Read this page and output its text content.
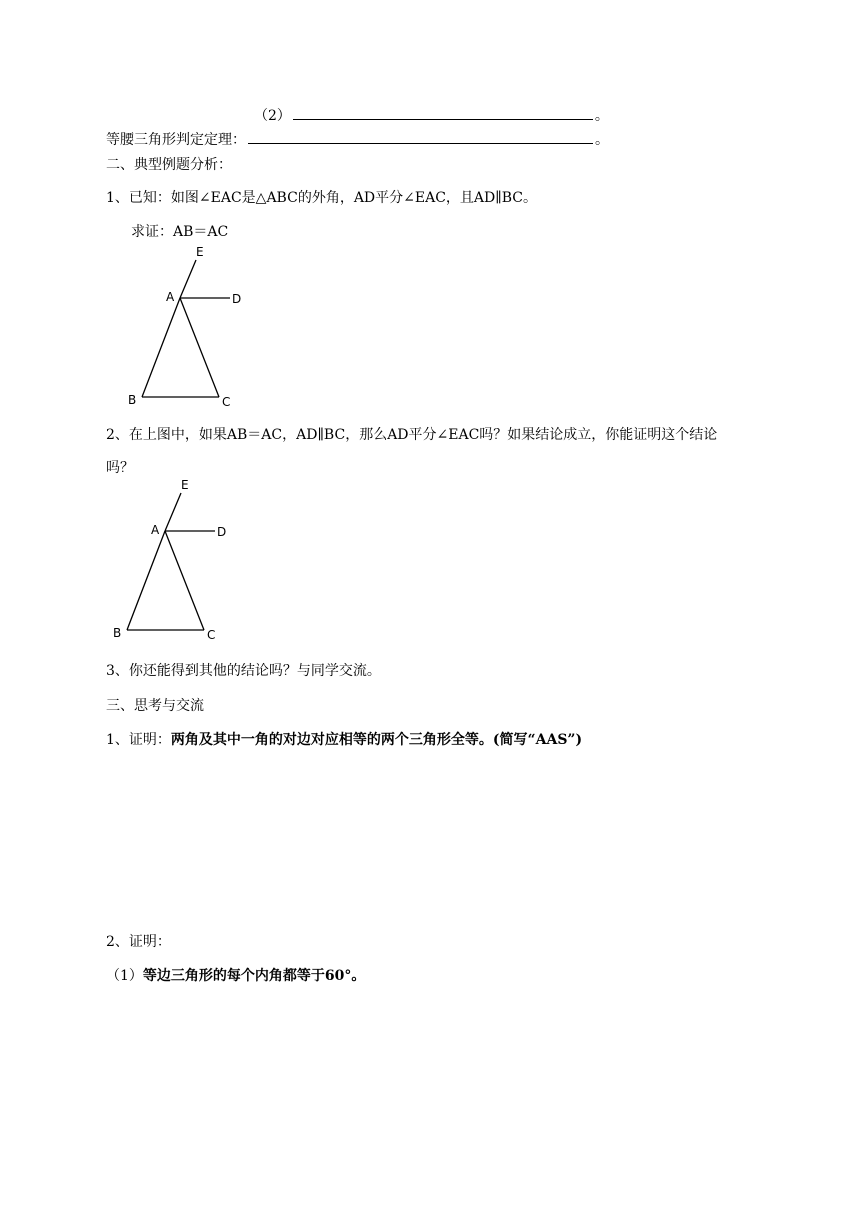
（2）	。
等腰三角形判定定理：	。
二、典型例题分析：
1、已知：如图∠EAC是△ABC的外角，AD平分∠EAC，且AD∥BC。
求证：AB＝AC
E
A	D
B	C
2、在上图中，如果AB＝AC，AD∥BC，那么AD平分∠EAC吗？如果结论成立，你能证明这个结论
吗？
E
A	D
B	C
3、你还能得到其他的结论吗？与同学交流。
三、思考与交流
1、证明：两角及其中一角的对边对应相等的两个三角形全等。(简写“AAS”)
2、证明：
（1）等边三角形的每个内角都等于60°。
